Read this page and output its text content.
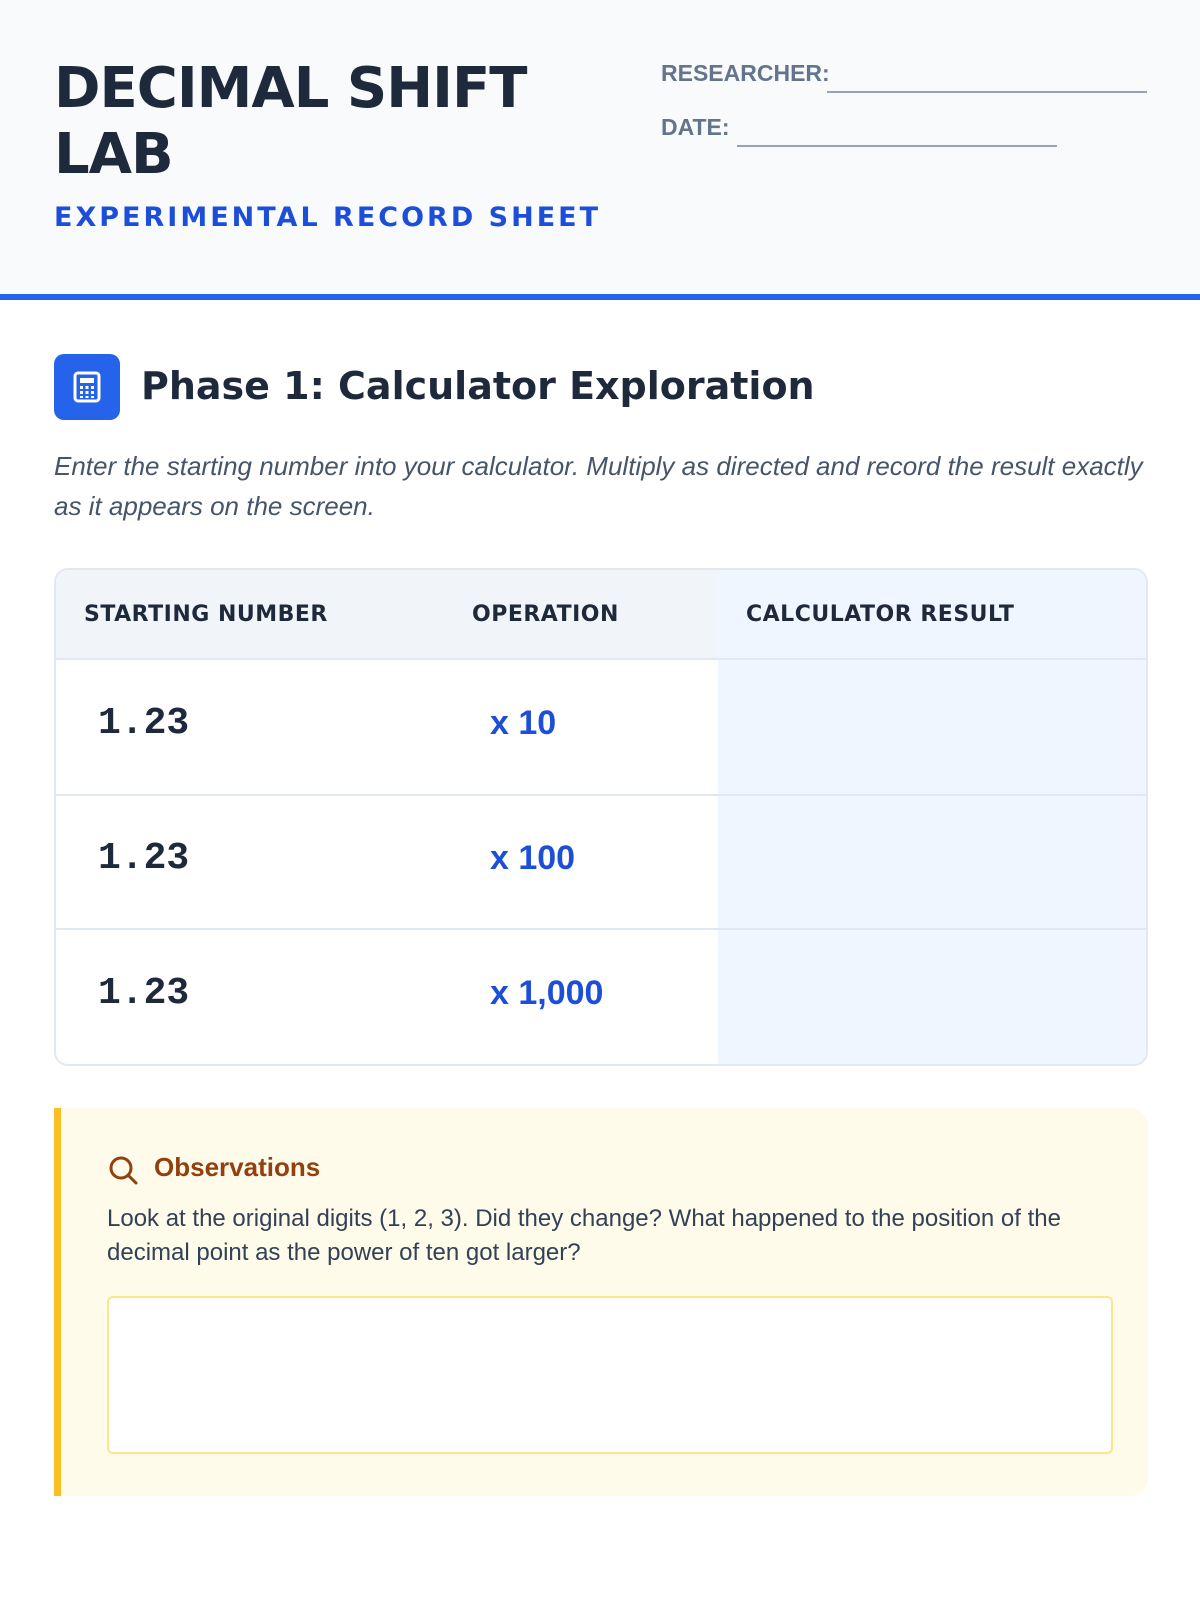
DECIMAL SHIFT LAB
EXPERIMENTAL RECORD SHEET
RESEARCHER:
DATE:
Phase 1: Calculator Exploration
Enter the starting number into your calculator. Multiply as directed and record the result exactly as it appears on the screen.
STARTING NUMBER	OPERATION	CALCULATOR RESULT
1.23	x 10
1.23	x 100
1.23	x 1,000
Observations
Look at the original digits (1, 2, 3). Did they change? What happened to the position of the decimal point as the power of ten got larger?
